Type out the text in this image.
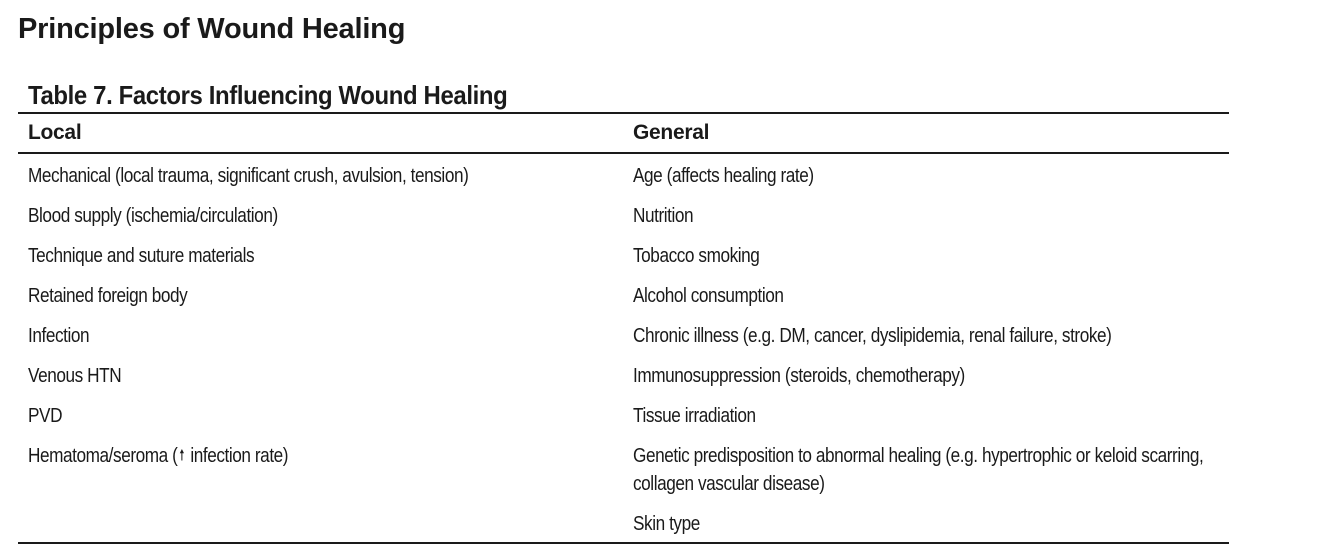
Principles of Wound Healing
Table 7. Factors Influencing Wound Healing
Local	General
Mechanical (local trauma, significant crush, avulsion, tension)	Age (affects healing rate)
Blood supply (ischemia/circulation)	Nutrition
Technique and suture materials	Tobacco smoking
Retained foreign body	Alcohol consumption
Infection	Chronic illness (e.g. DM, cancer, dyslipidemia, renal failure, stroke)
Venous HTN	Immunosuppression (steroids, chemotherapy)
PVD	Tissue irradiation
Hematoma/seroma ( 🠕 infection rate)	Genetic predisposition to abnormal healing (e.g. hypertrophic or keloid scarring, collagen vascular disease)
	Skin type
